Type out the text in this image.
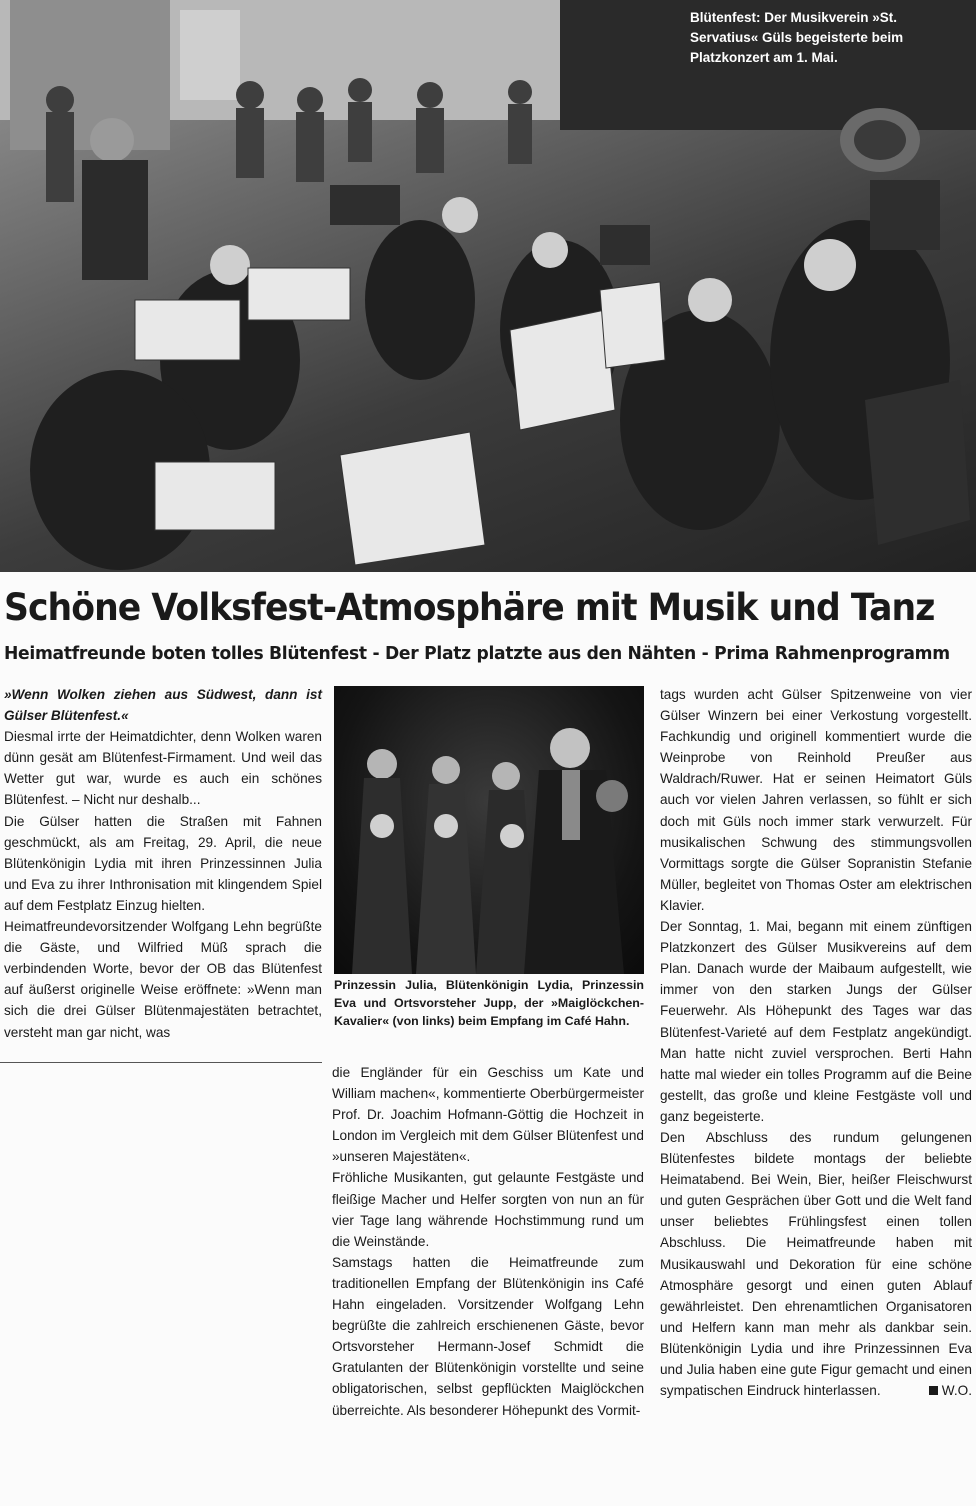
Blütenfest: Der Musikverein »St. Servatius« Güls begeisterte beim Platzkonzert am 1. Mai.
Schöne Volksfest-Atmosphäre mit Musik und Tanz
Heimatfreunde boten tolles Blütenfest - Der Platz platzte aus den Nähten - Prima Rahmenprogramm

»Wenn Wolken ziehen aus Südwest, dann ist Gülser Blütenfest.«

Diesmal irrte der Heimatdichter, denn Wolken waren dünn gesät am Blütenfest-Firmament. Und weil das Wetter gut war, wurde es auch ein schönes Blütenfest. – Nicht nur deshalb...

Die Gülser hatten die Straßen mit Fahnen geschmückt, als am Freitag, 29. April, die neue Blütenkönigin Lydia mit ihren Prinzessinnen Julia und Eva zu ihrer Inthronisation mit klingendem Spiel auf dem Festplatz Einzug hielten.

Heimatfreundevorsitzender Wolfgang Lehn begrüßte die Gäste, und Wilfried Müß sprach die verbindenden Worte, bevor der OB das Blütenfest auf äußerst originelle Weise eröffnete: »Wenn man sich die drei Gülser Blütenmajestäten betrachtet, versteht man gar nicht, was

Prinzessin Julia, Blütenkönigin Lydia, Prinzessin Eva und Ortsvorsteher Jupp, der »Maiglöckchen-Kavalier« (von links) beim Empfang im Café Hahn.

die Engländer für ein Geschiss um Kate und William machen«, kommentierte Oberbürgermeister Prof. Dr. Joachim Hofmann-Göttig die Hochzeit in London im Vergleich mit dem Gülser Blütenfest und »unseren Majestäten«.

Fröhliche Musikanten, gut gelaunte Festgäste und fleißige Macher und Helfer sorgten von nun an für vier Tage lang währende Hochstimmung rund um die Weinstände.

Samstags hatten die Heimatfreunde zum traditionellen Empfang der Blütenkönigin ins Café Hahn eingeladen. Vorsitzender Wolfgang Lehn begrüßte die zahlreich erschienenen Gäste, bevor Ortsvorsteher Hermann-Josef Schmidt die Gratulanten der Blütenkönigin vorstellte und seine obligatorischen, selbst gepflückten Maiglöckchen überreichte. Als besonderer Höhepunkt des Vormit-

tags wurden acht Gülser Spitzenweine von vier Gülser Winzern bei einer Verkostung vorgestellt. Fachkundig und originell kommentiert wurde die Weinprobe von Reinhold Preußer aus Waldrach/Ruwer. Hat er seinen Heimatort Güls auch vor vielen Jahren verlassen, so fühlt er sich doch mit Güls noch immer stark verwurzelt. Für musikalischen Schwung des stimmungsvollen Vormittags sorgte die Gülser Sopranistin Stefanie Müller, begleitet von Thomas Oster am elektrischen Klavier.

Der Sonntag, 1. Mai, begann mit einem zünftigen Platzkonzert des Gülser Musikvereins auf dem Plan. Danach wurde der Maibaum aufgestellt, wie immer von den starken Jungs der Gülser Feuerwehr. Als Höhepunkt des Tages war das Blütenfest-Varieté auf dem Festplatz angekündigt. Man hatte nicht zuviel versprochen. Berti Hahn hatte mal wieder ein tolles Programm auf die Beine gestellt, das große und kleine Festgäste voll und ganz begeisterte.

Den Abschluss des rundum gelungenen Blütenfestes bildete montags der beliebte Heimatabend. Bei Wein, Bier, heißer Fleischwurst und guten Gesprächen über Gott und die Welt fand unser beliebtes Frühlingsfest einen tollen Abschluss. Die Heimatfreunde haben mit Musikauswahl und Dekoration für eine schöne Atmosphäre gesorgt und einen guten Ablauf gewährleistet. Den ehrenamtlichen Organisatoren und Helfern kann man mehr als dankbar sein. Blütenkönigin Lydia und ihre Prinzessinnen Eva und Julia haben eine gute Figur gemacht und einen sympatischen Eindruck hinterlassen.	W.O.
